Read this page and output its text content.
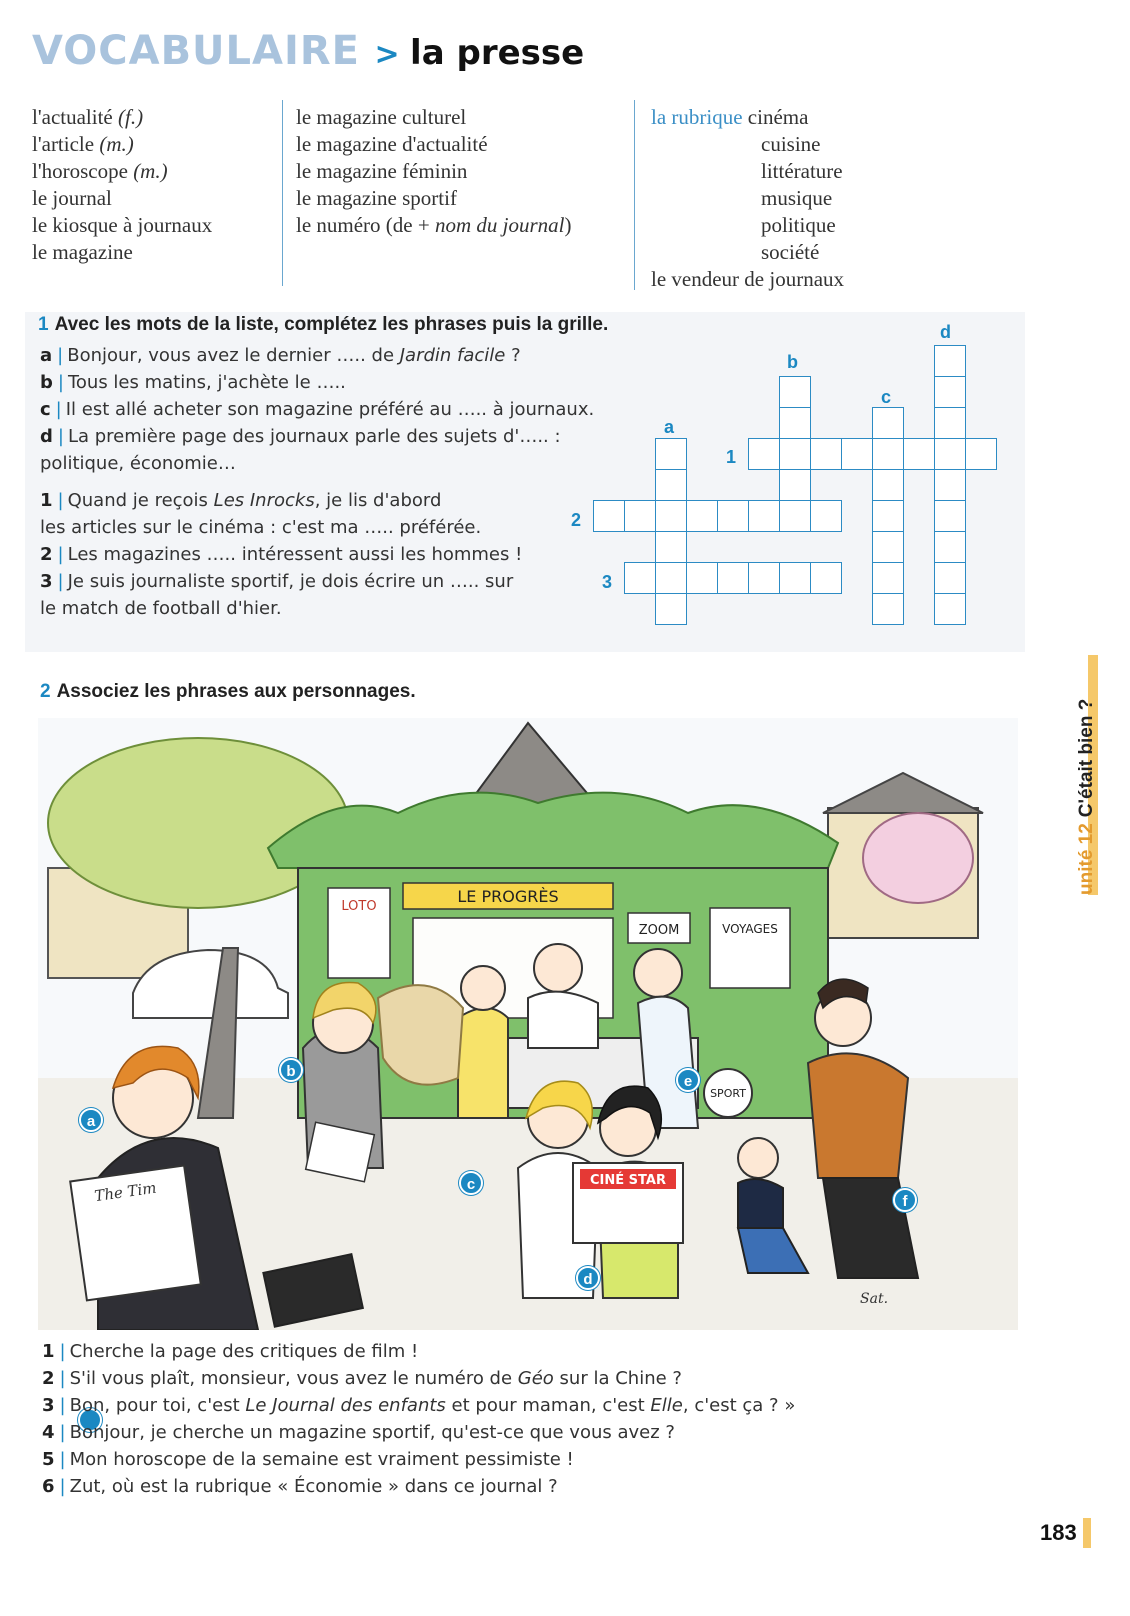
VOCABULAIRE > la presse
l'actualité (f.)
l'article (m.)
l'horoscope (m.)
le journal
le kiosque à journaux
le magazine
le magazine culturel
le magazine d'actualité
le magazine féminin
le magazine sportif
le numéro (de + nom du journal)
la rubrique cinéma
cuisine
littérature
musique
politique
société
le vendeur de journaux
1 Avec les mots de la liste, complétez les phrases puis la grille.
a | Bonjour, vous avez le dernier ….. de Jardin facile ?
b | Tous les matins, j'achète le …..
c | Il est allé acheter son magazine préféré au ….. à journaux.
d | La première page des journaux parle des sujets d'….. :
politique, économie…
1 | Quand je reçois Les Inrocks, je lis d'abord
les articles sur le cinéma : c'est ma ….. préférée.
2 | Les magazines ….. intéressent aussi les hommes !
3 | Je suis journaliste sportif, je dois écrire un ….. sur
le match de football d'hier.
d
b
c
a
1
2
3
unité 12C'était bien ?
2 Associez les phrases aux personnages.
LE PROGRÈS
LOTO
ZOOM	VOYAGES
The Tim
SPORT
CINÉ STAR
Sat.
a
b
c
d
e
f
1 | Cherche la page des critiques de film !
2 | S'il vous plaît, monsieur, vous avez le numéro de Géo sur la Chine ?
3 | Bon, pour toi, c'est Le Journal des enfants et pour maman, c'est Elle, c'est ça ? »
4 | Bonjour, je cherche un magazine sportif, qu'est-ce que vous avez ?
5 | Mon horoscope de la semaine est vraiment pessimiste !
6 | Zut, où est la rubrique « Économie » dans ce journal ?
183
